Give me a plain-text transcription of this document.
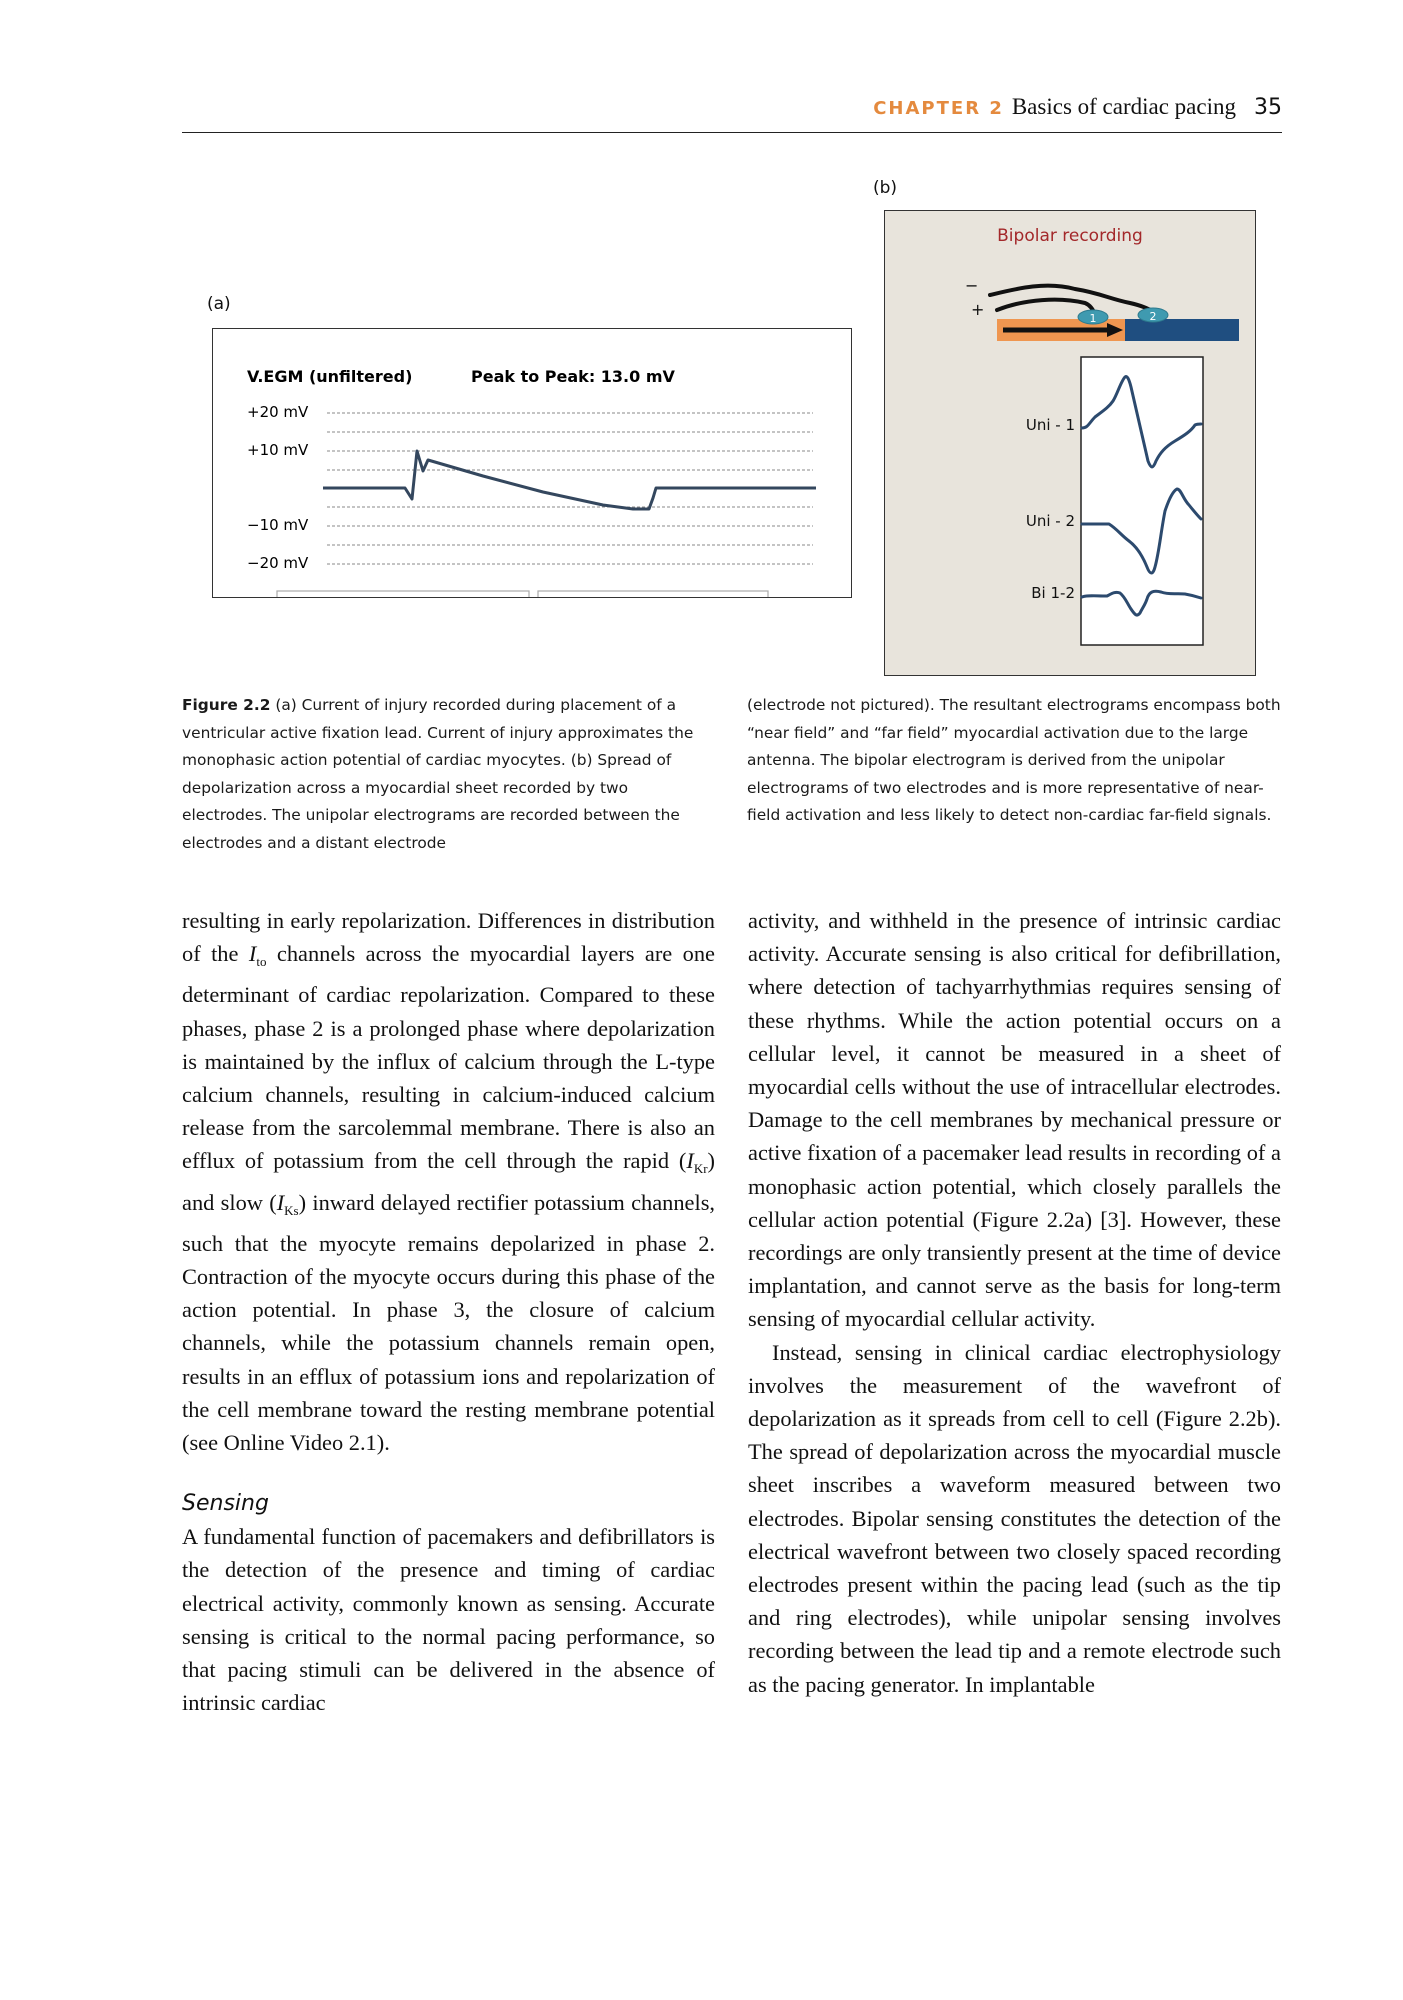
CHAPTER 2 Basics of cardiac pacing 35
(a)
(b)
V.EGM (unfiltered)	Peak to Peak: 13.0 mV
+20 mV
+10 mV
−10 mV
−20 mV
Bipolar recording
−
+	1	2
Uni - 1
Uni - 2
Bi 1-2
Figure 2.2 (a) Current of injury recorded during placement of a ventricular active fixation lead. Current of injury approximates the monophasic action potential of cardiac myocytes. (b) Spread of depolarization across a myocardial sheet recorded by two electrodes. The unipolar electrograms are recorded between the electrodes and a distant electrode
(electrode not pictured). The resultant electrograms encompass both “near field” and “far field” myocardial activation due to the large antenna. The bipolar electrogram is derived from the unipolar electrograms of two electrodes and is more representative of near-field activation and less likely to detect non-cardiac far-field signals.

resulting in early repolarization. Differences in distribution of the $I_{to}$ channels across the myocardial layers are one determinant of cardiac repolarization. Compared to these phases, phase 2 is a prolonged phase where depolarization is maintained by the influx of calcium through the L-type calcium channels, resulting in calcium-induced calcium release from the sarcolemmal membrane. There is also an efflux of potassium from the cell through the rapid $(I_{Kr})$ and slow $(I_{Ks})$ inward delayed rectifier potassium channels, such that the myocyte remains depolarized in phase 2. Contraction of the myocyte occurs during this phase of the action potential. In phase 3, the closure of calcium channels, while the potassium channels remain open, results in an efflux of potassium ions and repolarization of the cell membrane toward the resting membrane potential (see Online Video 2.1).

Sensing

A fundamental function of pacemakers and defibrillators is the detection of the presence and timing of cardiac electrical activity, commonly known as sensing. Accurate sensing is critical to the normal pacing performance, so that pacing stimuli can be delivered in the absence of intrinsic cardiac

activity, and withheld in the presence of intrinsic cardiac activity. Accurate sensing is also critical for defibrillation, where detection of tachyarrhythmias requires sensing of these rhythms. While the action potential occurs on a cellular level, it cannot be measured in a sheet of myocardial cells without the use of intracellular electrodes. Damage to the cell membranes by mechanical pressure or active fixation of a pacemaker lead results in recording of a monophasic action potential, which closely parallels the cellular action potential (Figure 2.2a) [3]. However, these recordings are only transiently present at the time of device implantation, and cannot serve as the basis for long-term sensing of myocardial cellular activity.

Instead, sensing in clinical cardiac electrophysiology involves the measurement of the wavefront of depolarization as it spreads from cell to cell (Figure 2.2b). The spread of depolarization across the myocardial muscle sheet inscribes a waveform measured between two electrodes. Bipolar sensing constitutes the detection of the electrical wavefront between two closely spaced recording electrodes present within the pacing lead (such as the tip and ring electrodes), while unipolar sensing involves recording between the lead tip and a remote electrode such as the pacing generator. In implantable
